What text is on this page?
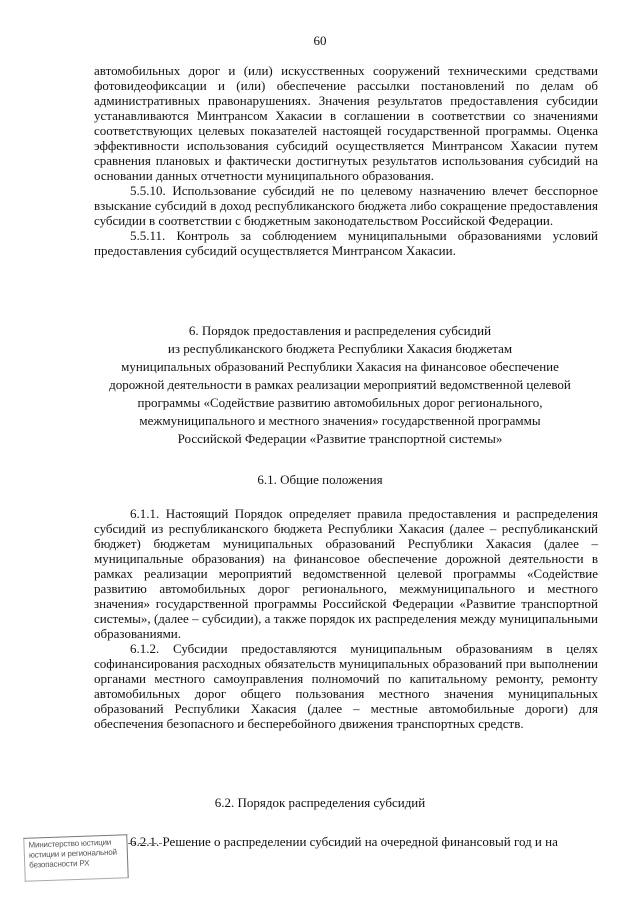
60

автомобильных дорог и (или) искусственных сооружений техническими средствами фотовидеофиксации и (или) обеспечение рассылки постановлений по делам об административных правонарушениях. Значения результатов предоставления субсидии устанавливаются Минтрансом Хакасии в соглашении в соответствии со значениями соответствующих целевых показателей настоящей государственной программы. Оценка эффективности использования субсидий осуществляется Минтрансом Хакасии путем сравнения плановых и фактически достигнутых результатов использования субсидий на основании данных отчетности муниципального образования.

5.5.10. Использование субсидий не по целевому назначению влечет бесспорное взыскание субсидий в доход республиканского бюджета либо сокращение предоставления субсидии в соответствии с бюджетным законодательством Российской Федерации.

5.5.11. Контроль за соблюдением муниципальными образованиями условий предоставления субсидий осуществляется Минтрансом Хакасии.

6. Порядок предоставления и распределения субсидий
из республиканского бюджета Республики Хакасия бюджетам
муниципальных образований Республики Хакасия на финансовое обеспечение
дорожной деятельности в рамках реализации мероприятий ведомственной целевой
программы «Содействие развитию автомобильных дорог регионального,
межмуниципального и местного значения» государственной программы
Российской Федерации «Развитие транспортной системы»
6.1. Общие положения

6.1.1. Настоящий Порядок определяет правила предоставления и распределения субсидий из республиканского бюджета Республики Хакасия (далее – республиканский бюджет) бюджетам муниципальных образований Республики Хакасия (далее – муниципальные образования) на финансовое обеспечение дорожной деятельности в рамках реализации мероприятий ведомственной целевой программы «Содействие развитию автомобильных дорог регионального, межмуниципального и местного значения» государственной программы Российской Федерации «Развитие транспортной системы», (далее – субсидии), а также порядок их распределения между муниципальными образованиями.

6.1.2. Субсидии предоставляются муниципальным образованиям в целях софинансирования расходных обязательств муниципальных образований при выполнении органами местного самоуправления полномочий по капитальному ремонту, ремонту автомобильных дорог общего пользования местного значения муниципальных образований Республики Хакасия (далее – местные автомобильные дороги) для обеспечения безопасного и бесперебойного движения транспортных средств.

6.2. Порядок распределения субсидий
Министерство юстиции
юстиции и региональной
безопасности РХ
6.2.1. Решение о распределении субсидий на очередной финансовый год и на
